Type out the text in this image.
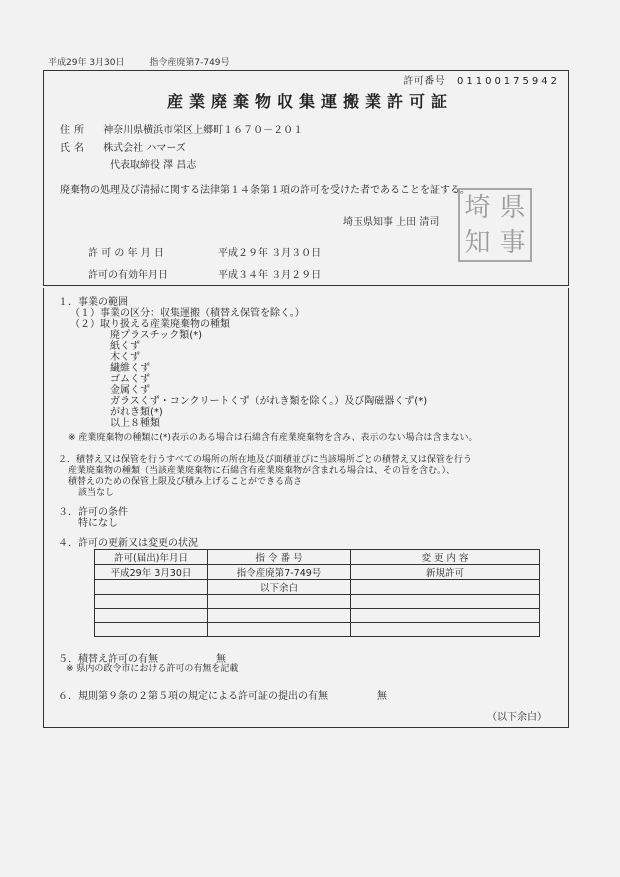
平成29年 3月30日	指令産廃第7-749号
許可番号 01100175942
産業廃棄物収集運搬業許可証
住所 神奈川県横浜市栄区上郷町１６７０－２０１
氏名 株式会社 ハマーズ
代表取締役 澤 昌志
廃棄物の処理及び清掃に関する法律第１４条第１項の許可を受けた者であることを証する。
埼玉県知事 上田 清司 埼 県
知 事
許 可 の 年 月 日	平成２９年 ３月３０日
許可の有効年月日	平成３４年 ３月２９日
１．事業の範囲
（１）事業の区分：収集運搬（積替え保管を除く。）
（２）取り扱える産業廃棄物の種類
廃プラスチック類(*)
紙くず
木くず
繊維くず
ゴムくず
金属くず
ガラスくず・コンクリートくず（がれき類を除く。）及び陶磁器くず(*)
がれき類(*)
以上８種類
※ 産業廃棄物の種類に(*)表示のある場合は石綿含有産業廃棄物を含み、表示のない場合は含まない。
２．積替え又は保管を行うすべての場所の所在地及び面積並びに当該場所ごとの積替え又は保管を行う
産業廃棄物の種類（当該産業廃棄物に石綿含有産業廃棄物が含まれる場合は、その旨を含む。）、
積替えのための保管上限及び積み上げることができる高さ
該当なし
３．許可の条件
特になし
４．許可の更新又は変更の状況
許可(届出)年月日	指 令 番 号	変 更 内 容
平成29年 3月30日	指令産廃第7-749号	新規許可
	以下余白	

５．積替え許可の有無	無
※ 県内の政令市における許可の有無を記載
６．規則第９条の２第５項の規定による許可証の提出の有無	無
（以下余白）
